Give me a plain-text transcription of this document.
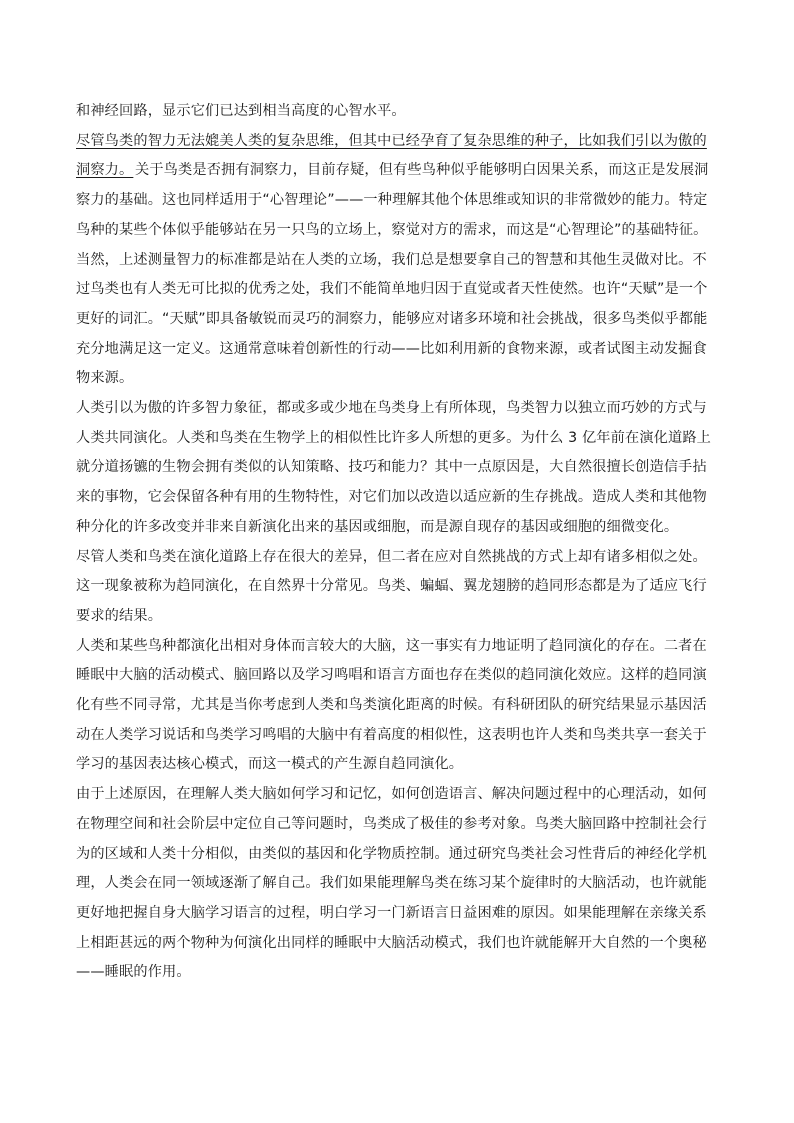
和神经回路，显示它们已达到相当高度的心智水平。
尽管鸟类的智力无法媲美人类的复杂思维，但其中已经孕育了复杂思维的种子，比如我们引以为傲的
洞察力。 关于鸟类是否拥有洞察力，目前存疑，但有些鸟种似乎能够明白因果关系，而这正是发展洞
察力的基础。这也同样适用于“心智理论”——一种理解其他个体思维或知识的非常微妙的能力。特定
鸟种的某些个体似乎能够站在另一只鸟的立场上，察觉对方的需求，而这是“心智理论”的基础特征。
当然，上述测量智力的标准都是站在人类的立场，我们总是想要拿自己的智慧和其他生灵做对比。不
过鸟类也有人类无可比拟的优秀之处，我们不能简单地归因于直觉或者天性使然。也许“天赋”是一个
更好的词汇。“天赋”即具备敏锐而灵巧的洞察力，能够应对诸多环境和社会挑战，很多鸟类似乎都能
充分地满足这一定义。这通常意味着创新性的行动——比如利用新的食物来源，或者试图主动发掘食
物来源。
人类引以为傲的许多智力象征，都或多或少地在鸟类身上有所体现，鸟类智力以独立而巧妙的方式与
人类共同演化。人类和鸟类在生物学上的相似性比许多人所想的更多。为什么 3 亿年前在演化道路上
就分道扬镳的生物会拥有类似的认知策略、技巧和能力？其中一点原因是，大自然很擅长创造信手拈
来的事物，它会保留各种有用的生物特性，对它们加以改造以适应新的生存挑战。造成人类和其他物
种分化的许多改变并非来自新演化出来的基因或细胞，而是源自现存的基因或细胞的细微变化。
尽管人类和鸟类在演化道路上存在很大的差异，但二者在应对自然挑战的方式上却有诸多相似之处。
这一现象被称为趋同演化，在自然界十分常见。鸟类、蝙蝠、翼龙翅膀的趋同形态都是为了适应飞行
要求的结果。
人类和某些鸟种都演化出相对身体而言较大的大脑，这一事实有力地证明了趋同演化的存在。二者在
睡眠中大脑的活动模式、脑回路以及学习鸣唱和语言方面也存在类似的趋同演化效应。这样的趋同演
化有些不同寻常，尤其是当你考虑到人类和鸟类演化距离的时候。有科研团队的研究结果显示基因活
动在人类学习说话和鸟类学习鸣唱的大脑中有着高度的相似性，这表明也许人类和鸟类共享一套关于
学习的基因表达核心模式，而这一模式的产生源自趋同演化。
由于上述原因，在理解人类大脑如何学习和记忆，如何创造语言、解决问题过程中的心理活动，如何
在物理空间和社会阶层中定位自己等问题时，鸟类成了极佳的参考对象。鸟类大脑回路中控制社会行
为的区域和人类十分相似，由类似的基因和化学物质控制。通过研究鸟类社会习性背后的神经化学机
理，人类会在同一领域逐渐了解自己。我们如果能理解鸟类在练习某个旋律时的大脑活动，也许就能
更好地把握自身大脑学习语言的过程，明白学习一门新语言日益困难的原因。如果能理解在亲缘关系
上相距甚远的两个物种为何演化出同样的睡眠中大脑活动模式，我们也许就能解开大自然的一个奥秘
——睡眠的作用。
